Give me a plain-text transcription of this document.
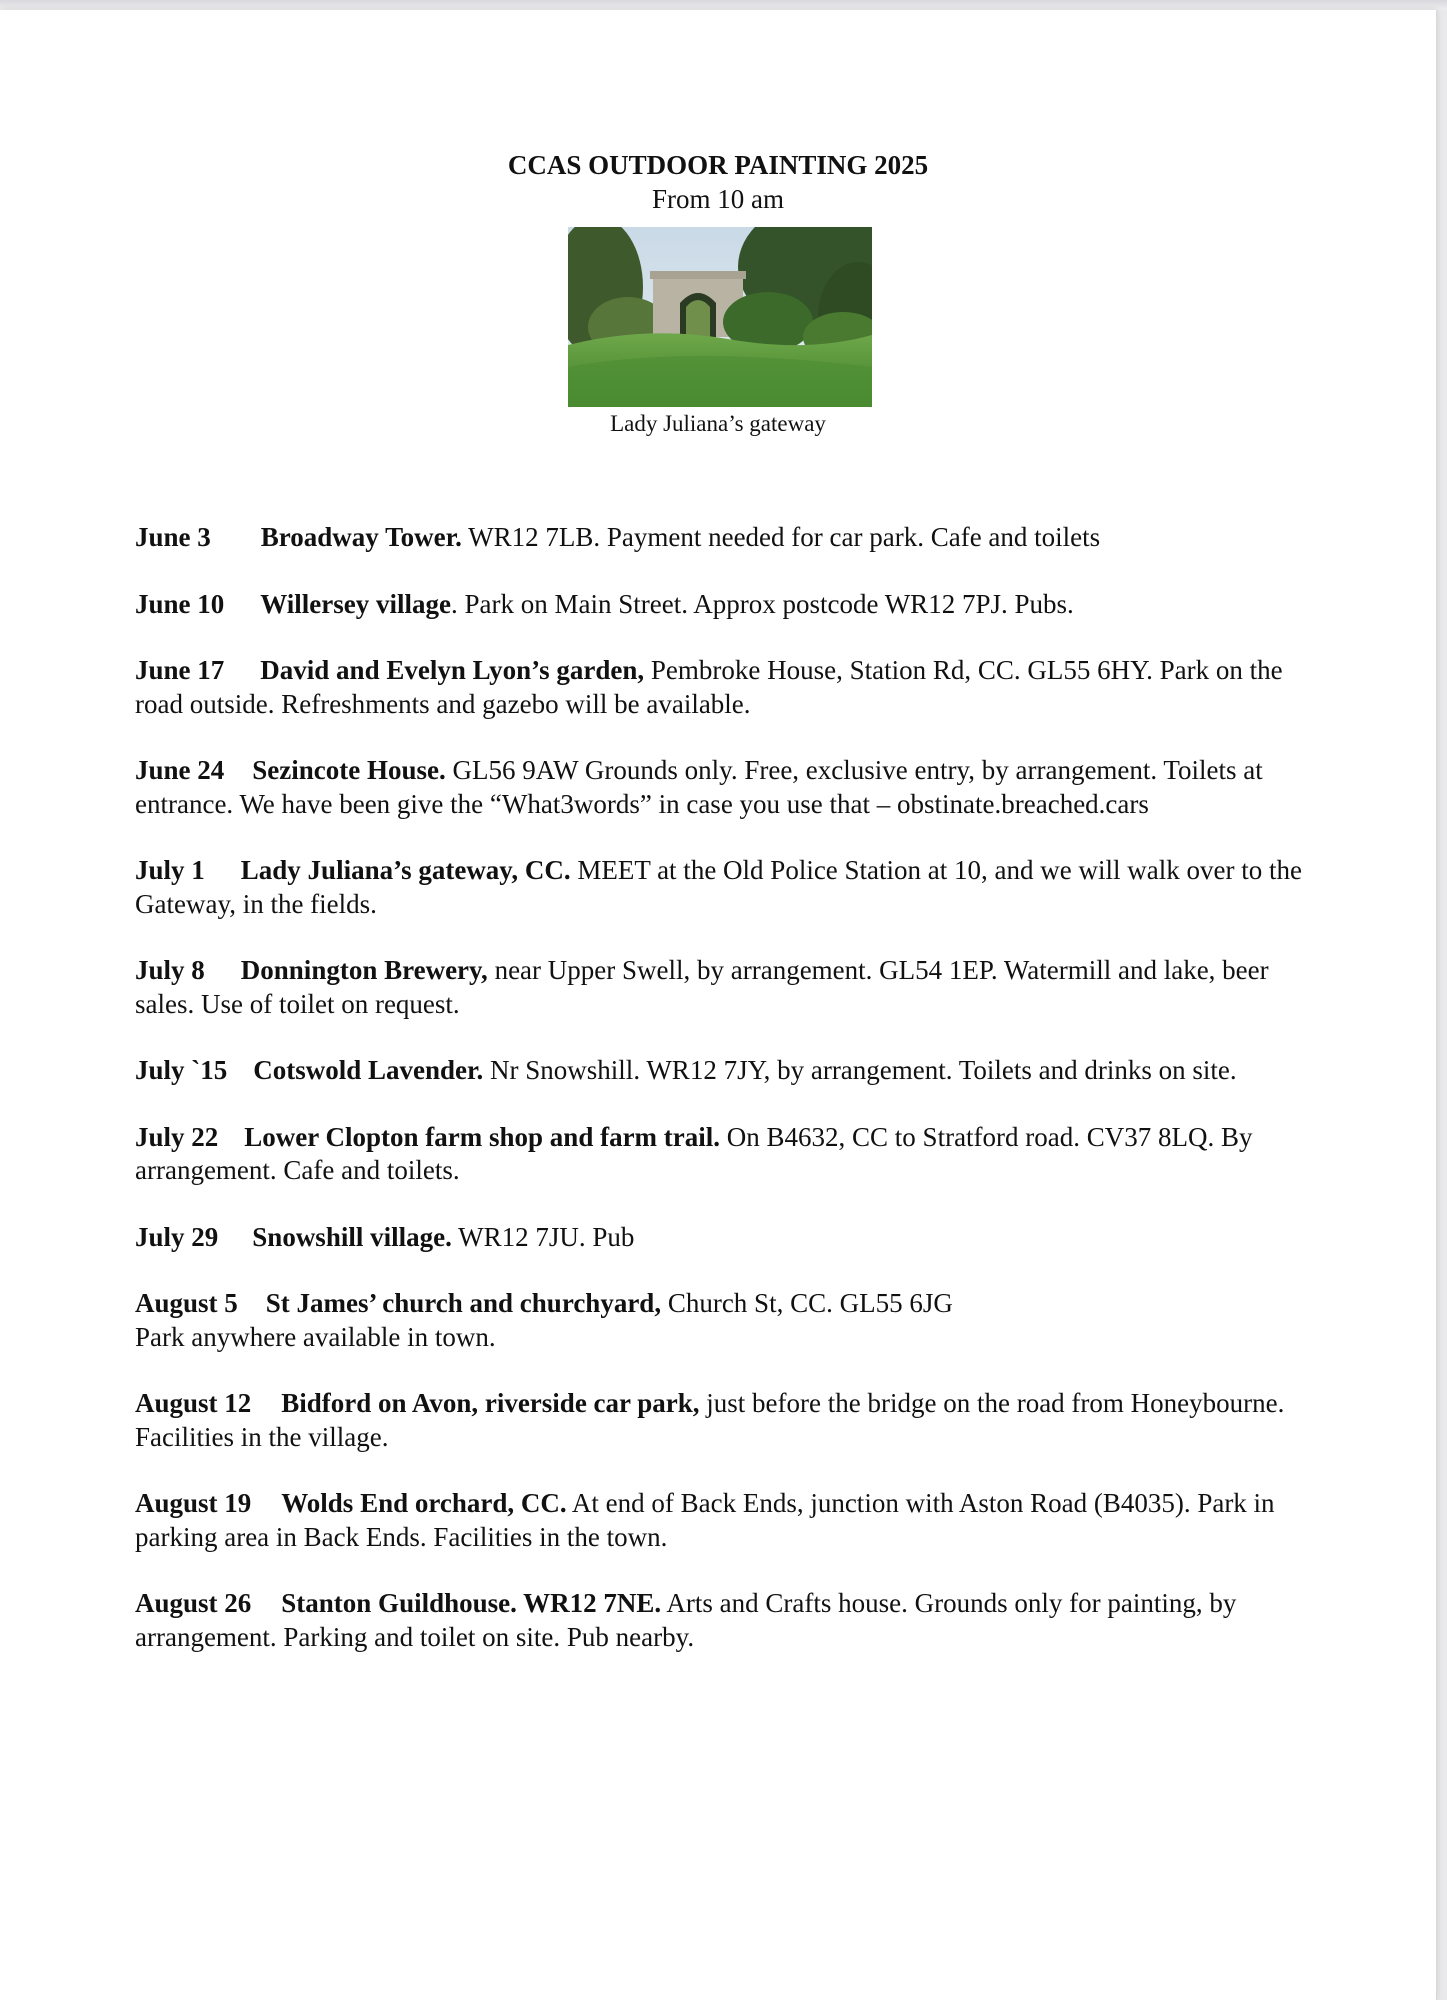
CCAS OUTDOOR PAINTING 2025
From 10 am
Lady Juliana’s gateway

June 3 Broadway Tower. WR12 7LB. Payment needed for car park. Cafe and toilets

June 10 Willersey village. Park on Main Street. Approx postcode WR12 7PJ. Pubs.

June 17 David and Evelyn Lyon’s garden, Pembroke House, Station Rd, CC. GL55 6HY. Park on the road outside. Refreshments and gazebo will be available.

June 24 Sezincote House. GL56 9AW Grounds only. Free, exclusive entry, by arrangement. Toilets at entrance. We have been give the “What3words” in case you use that – obstinate.breached.cars

July 1 Lady Juliana’s gateway, CC. MEET at the Old Police Station at 10, and we will walk over to the Gateway, in the fields.

July 8 Donnington Brewery, near Upper Swell, by arrangement. GL54 1EP. Watermill and lake, beer sales. Use of toilet on request.

July `15 Cotswold Lavender. Nr Snowshill. WR12 7JY, by arrangement. Toilets and drinks on site.

July 22 Lower Clopton farm shop and farm trail. On B4632, CC to Stratford road. CV37 8LQ. By arrangement. Cafe and toilets.

July 29 Snowshill village. WR12 7JU. Pub

August 5 St James’ church and churchyard, Church St, CC. GL55 6JG
Park anywhere available in town.

August 12 Bidford on Avon, riverside car park, just before the bridge on the road from Honeybourne. Facilities in the village.

August 19 Wolds End orchard, CC. At end of Back Ends, junction with Aston Road (B4035). Park in parking area in Back Ends. Facilities in the town.

August 26 Stanton Guildhouse. WR12 7NE. Arts and Crafts house. Grounds only for painting, by arrangement. Parking and toilet on site. Pub nearby.
